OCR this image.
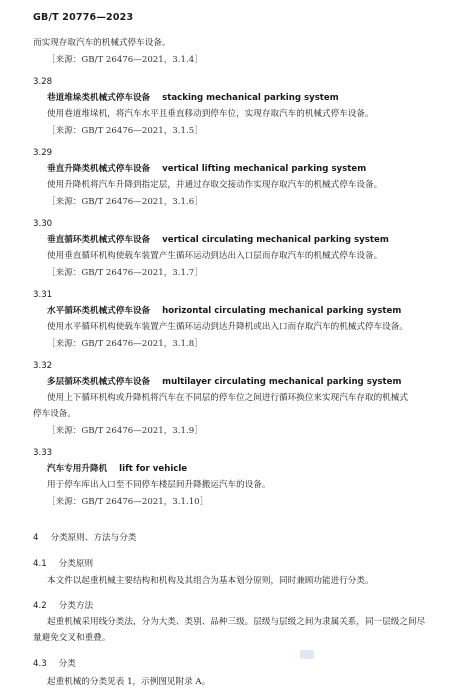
GB/T 20776—2023
而实现存取汽车的机械式停车设备。
［来源：GB/T 26476—2021，3.1.4］
3.28
巷道堆垛类机械式停车设备 stacking mechanical parking system
使用巷道堆垛机，将汽车水平且垂直移动到停车位，实现存取汽车的机械式停车设备。
［来源：GB/T 26476—2021，3.1.5］
3.29
垂直升降类机械式停车设备 vertical lifting mechanical parking system
使用升降机将汽车升降到指定层，并通过存取交接动作实现存取汽车的机械式停车设备。
［来源：GB/T 26476—2021，3.1.6］
3.30
垂直循环类机械式停车设备 vertical circulating mechanical parking system
使用垂直循环机构使载车装置产生循环运动到达出入口层而存取汽车的机械式停车设备。
［来源：GB/T 26476—2021，3.1.7］
3.31
水平循环类机械式停车设备 horizontal circulating mechanical parking system
使用水平循环机构使载车装置产生循环运动到达升降机或出入口而存取汽车的机械式停车设备。
［来源：GB/T 26476—2021，3.1.8］
3.32
多层循环类机械式停车设备 multilayer circulating mechanical parking system
使用上下循环机构或升降机将汽车在不同层的停车位之间进行循环换位来实现汽车存取的机械式
停车设备。
［来源：GB/T 26476—2021，3.1.9］
3.33
汽车专用升降机 lift for vehicle
用于停车库出入口至不同停车楼层间升降搬运汽车的设备。
［来源：GB/T 26476—2021，3.1.10］
4 分类原则、方法与分类
4.1 分类原则
本文件以起重机械主要结构和机构及其组合为基本划分原则，同时兼顾功能进行分类。
4.2 分类方法
起重机械采用线分类法，分为大类、类别、品种三级。层级与层级之间为隶属关系，同一层级之间尽
量避免交叉和重叠。
4.3 分类
起重机械的分类见表 1，示例图见附录 A。
